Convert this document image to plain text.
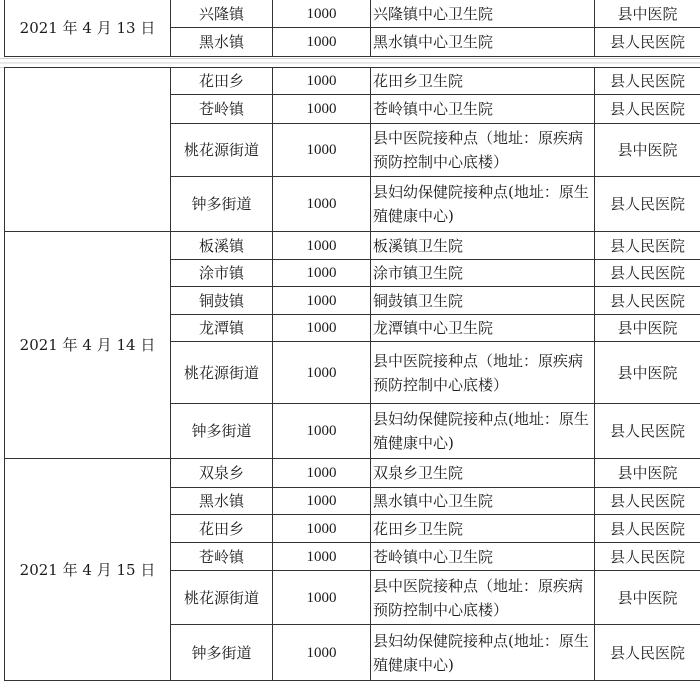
2021 年 4 月 13 日	兴隆镇	1000	兴隆镇中心卫生院	县中医院
	黑水镇	1000	黑水镇中心卫生院	县人民医院
	花田乡	1000	花田乡卫生院	县人民医院
	苍岭镇	1000	苍岭镇中心卫生院	县人民医院
	桃花源街道	1000	县中医院接种点（地址：原疾病预防控制中心底楼）	县中医院
	钟多街道	1000	县妇幼保健院接种点(地址：原生殖健康中心)	县人民医院
2021 年 4 月 14 日	板溪镇	1000	板溪镇卫生院	县人民医院
	涂市镇	1000	涂市镇卫生院	县人民医院
	铜鼓镇	1000	铜鼓镇卫生院	县人民医院
	龙潭镇	1000	龙潭镇中心卫生院	县中医院
	桃花源街道	1000	县中医院接种点（地址：原疾病预防控制中心底楼）	县中医院
	钟多街道	1000	县妇幼保健院接种点(地址：原生殖健康中心)	县人民医院
2021 年 4 月 15 日	双泉乡	1000	双泉乡卫生院	县中医院
	黑水镇	1000	黑水镇中心卫生院	县人民医院
	花田乡	1000	花田乡卫生院	县人民医院
	苍岭镇	1000	苍岭镇中心卫生院	县人民医院
	桃花源街道	1000	县中医院接种点（地址：原疾病预防控制中心底楼）	县中医院
	钟多街道	1000	县妇幼保健院接种点(地址：原生殖健康中心)	县人民医院
